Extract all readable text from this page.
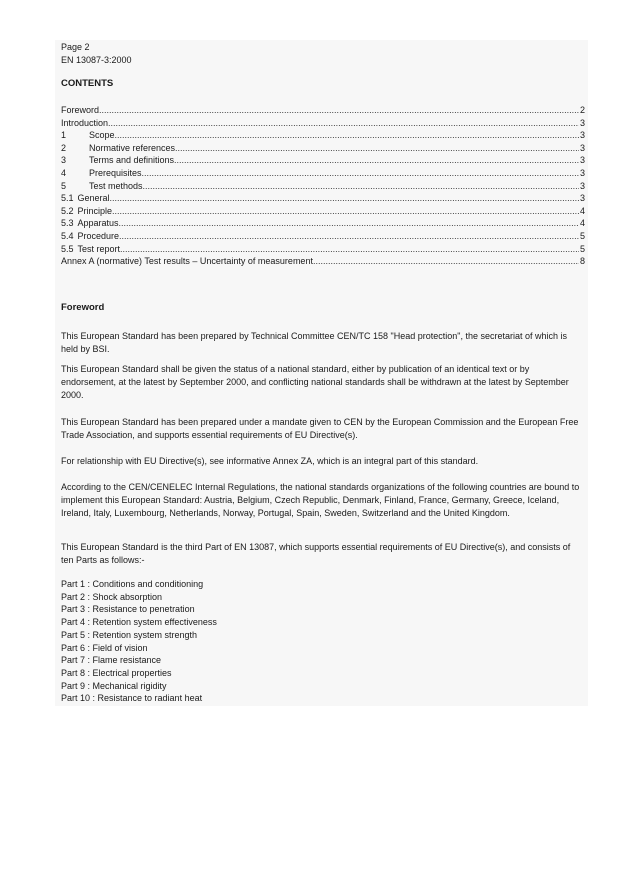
Page 2
EN 13087-3:2000
CONTENTS
Foreword .....	2
Introduction .....	3
1	Scope .....	3
2	Normative references .....	3
3	Terms and definitions .....	3
4	Prerequisites .....	3
5	Test methods .....	3
5.1 General .....	3
5.2 Principle .....	4
5.3 Apparatus .....	4
5.4 Procedure .....	5
5.5 Test report .....	5
Annex A (normative) Test results – Uncertainty of measurement .....	8
Foreword
This European Standard has been prepared by Technical Committee CEN/TC 158 "Head protection", the secretariat of which is held by BSI.
This European Standard shall be given the status of a national standard, either by publication of an identical text or by endorsement, at the latest by September 2000, and conflicting national standards shall be withdrawn at the latest by September 2000.
This European Standard has been prepared under a mandate given to CEN by the European Commission and the European Free Trade Association, and supports essential requirements of EU Directive(s).
For relationship with EU Directive(s), see informative Annex ZA, which is an integral part of this standard.
According to the CEN/CENELEC Internal Regulations, the national standards organizations of the following countries are bound to implement this European Standard: Austria, Belgium, Czech Republic, Denmark, Finland, France, Germany, Greece, Iceland, Ireland, Italy, Luxembourg, Netherlands, Norway, Portugal, Spain, Sweden, Switzerland and the United Kingdom.
This European Standard is the third Part of EN 13087, which supports essential requirements of EU Directive(s), and consists of ten Parts as follows:-
Part 1 : Conditions and conditioning
Part 2 : Shock absorption
Part 3 : Resistance to penetration
Part 4 : Retention system effectiveness
Part 5 : Retention system strength
Part 6 : Field of vision
Part 7 : Flame resistance
Part 8 : Electrical properties
Part 9 : Mechanical rigidity
Part 10 : Resistance to radiant heat
